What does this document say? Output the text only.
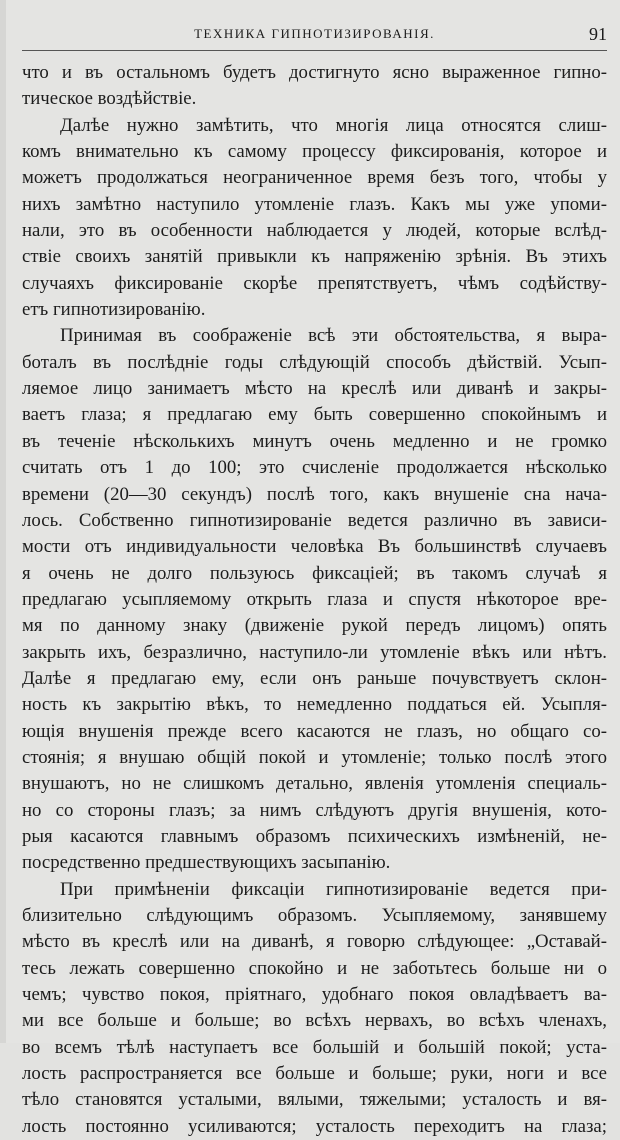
ТЕХНИКА ГИПНОТИЗИРОВАНІЯ.	91
что и въ остальномъ будетъ достигнуто ясно выраженное гипно-
тическое воздѣйствіе.
Далѣе нужно замѣтить, что многія лица относятся слиш-
комъ внимательно къ самому процессу фиксированія, которое и
можетъ продолжаться неограниченное время безъ того, чтобы у
нихъ замѣтно наступило утомленіе глазъ. Какъ мы уже упоми-
нали, это въ особенности наблюдается у людей, которые вслѣд-
ствіе своихъ занятій привыкли къ напряженію зрѣнія. Въ этихъ
случаяхъ фиксированіе скорѣе препятствуетъ, чѣмъ содѣйству-
етъ гипнотизированію.
Принимая въ соображеніе всѣ эти обстоятельства, я выра-
боталъ въ послѣдніе годы слѣдующій способъ дѣйствій. Усып-
ляемое лицо занимаетъ мѣсто на креслѣ или диванѣ и закры-
ваетъ глаза; я предлагаю ему быть совершенно спокойнымъ и
въ теченіе нѣсколькихъ минутъ очень медленно и не громко
считать отъ 1 до 100; это счисленіе продолжается нѣсколько
времени (20—30 секундъ) послѣ того, какъ внушеніе сна нача-
лось. Собственно гипнотизированіе ведется различно въ зависи-
мости отъ индивидуальности человѣка Въ большинствѣ случаевъ
я очень не долго пользуюсь фиксаціей; въ такомъ случаѣ я
предлагаю усыпляемому открыть глаза и спустя нѣкоторое вре-
мя по данному знаку (движеніе рукой передъ лицомъ) опять
закрыть ихъ, безразлично, наступило-ли утомленіе вѣкъ или нѣтъ.
Далѣе я предлагаю ему, если онъ раньше почувствуетъ склон-
ность къ закрытію вѣкъ, то немедленно поддаться ей. Усыпля-
ющія внушенія прежде всего касаются не глазъ, но общаго со-
стоянія; я внушаю общій покой и утомленіе; только послѣ этого
внушаютъ, но не слишкомъ детально, явленія утомленія специаль-
но со стороны глазъ; за нимъ слѣдуютъ другія внушенія, кото-
рыя касаются главнымъ образомъ психическихъ измѣненій, не-
посредственно предшествующихъ засыпанію.
При примѣненіи фиксаціи гипнотизированіе ведется при-
близительно слѣдующимъ образомъ. Усыпляемому, занявшему
мѣсто въ креслѣ или на диванѣ, я говорю слѣдующее: „Оставай-
тесь лежать совершенно спокойно и не заботьтесь больше ни о
чемъ; чувство покоя, пріятнаго, удобнаго покоя овладѣваетъ ва-
ми все больше и больше; во всѣхъ нервахъ, во всѣхъ членахъ,
во всемъ тѣлѣ наступаетъ все большій и большій покой; уста-
лость распространяется все больше и больше; руки, ноги и все
тѣло становятся усталыми, вялыми, тяжелыми; усталость и вя-
лость постоянно усиливаются; усталость переходитъ на глаза;
